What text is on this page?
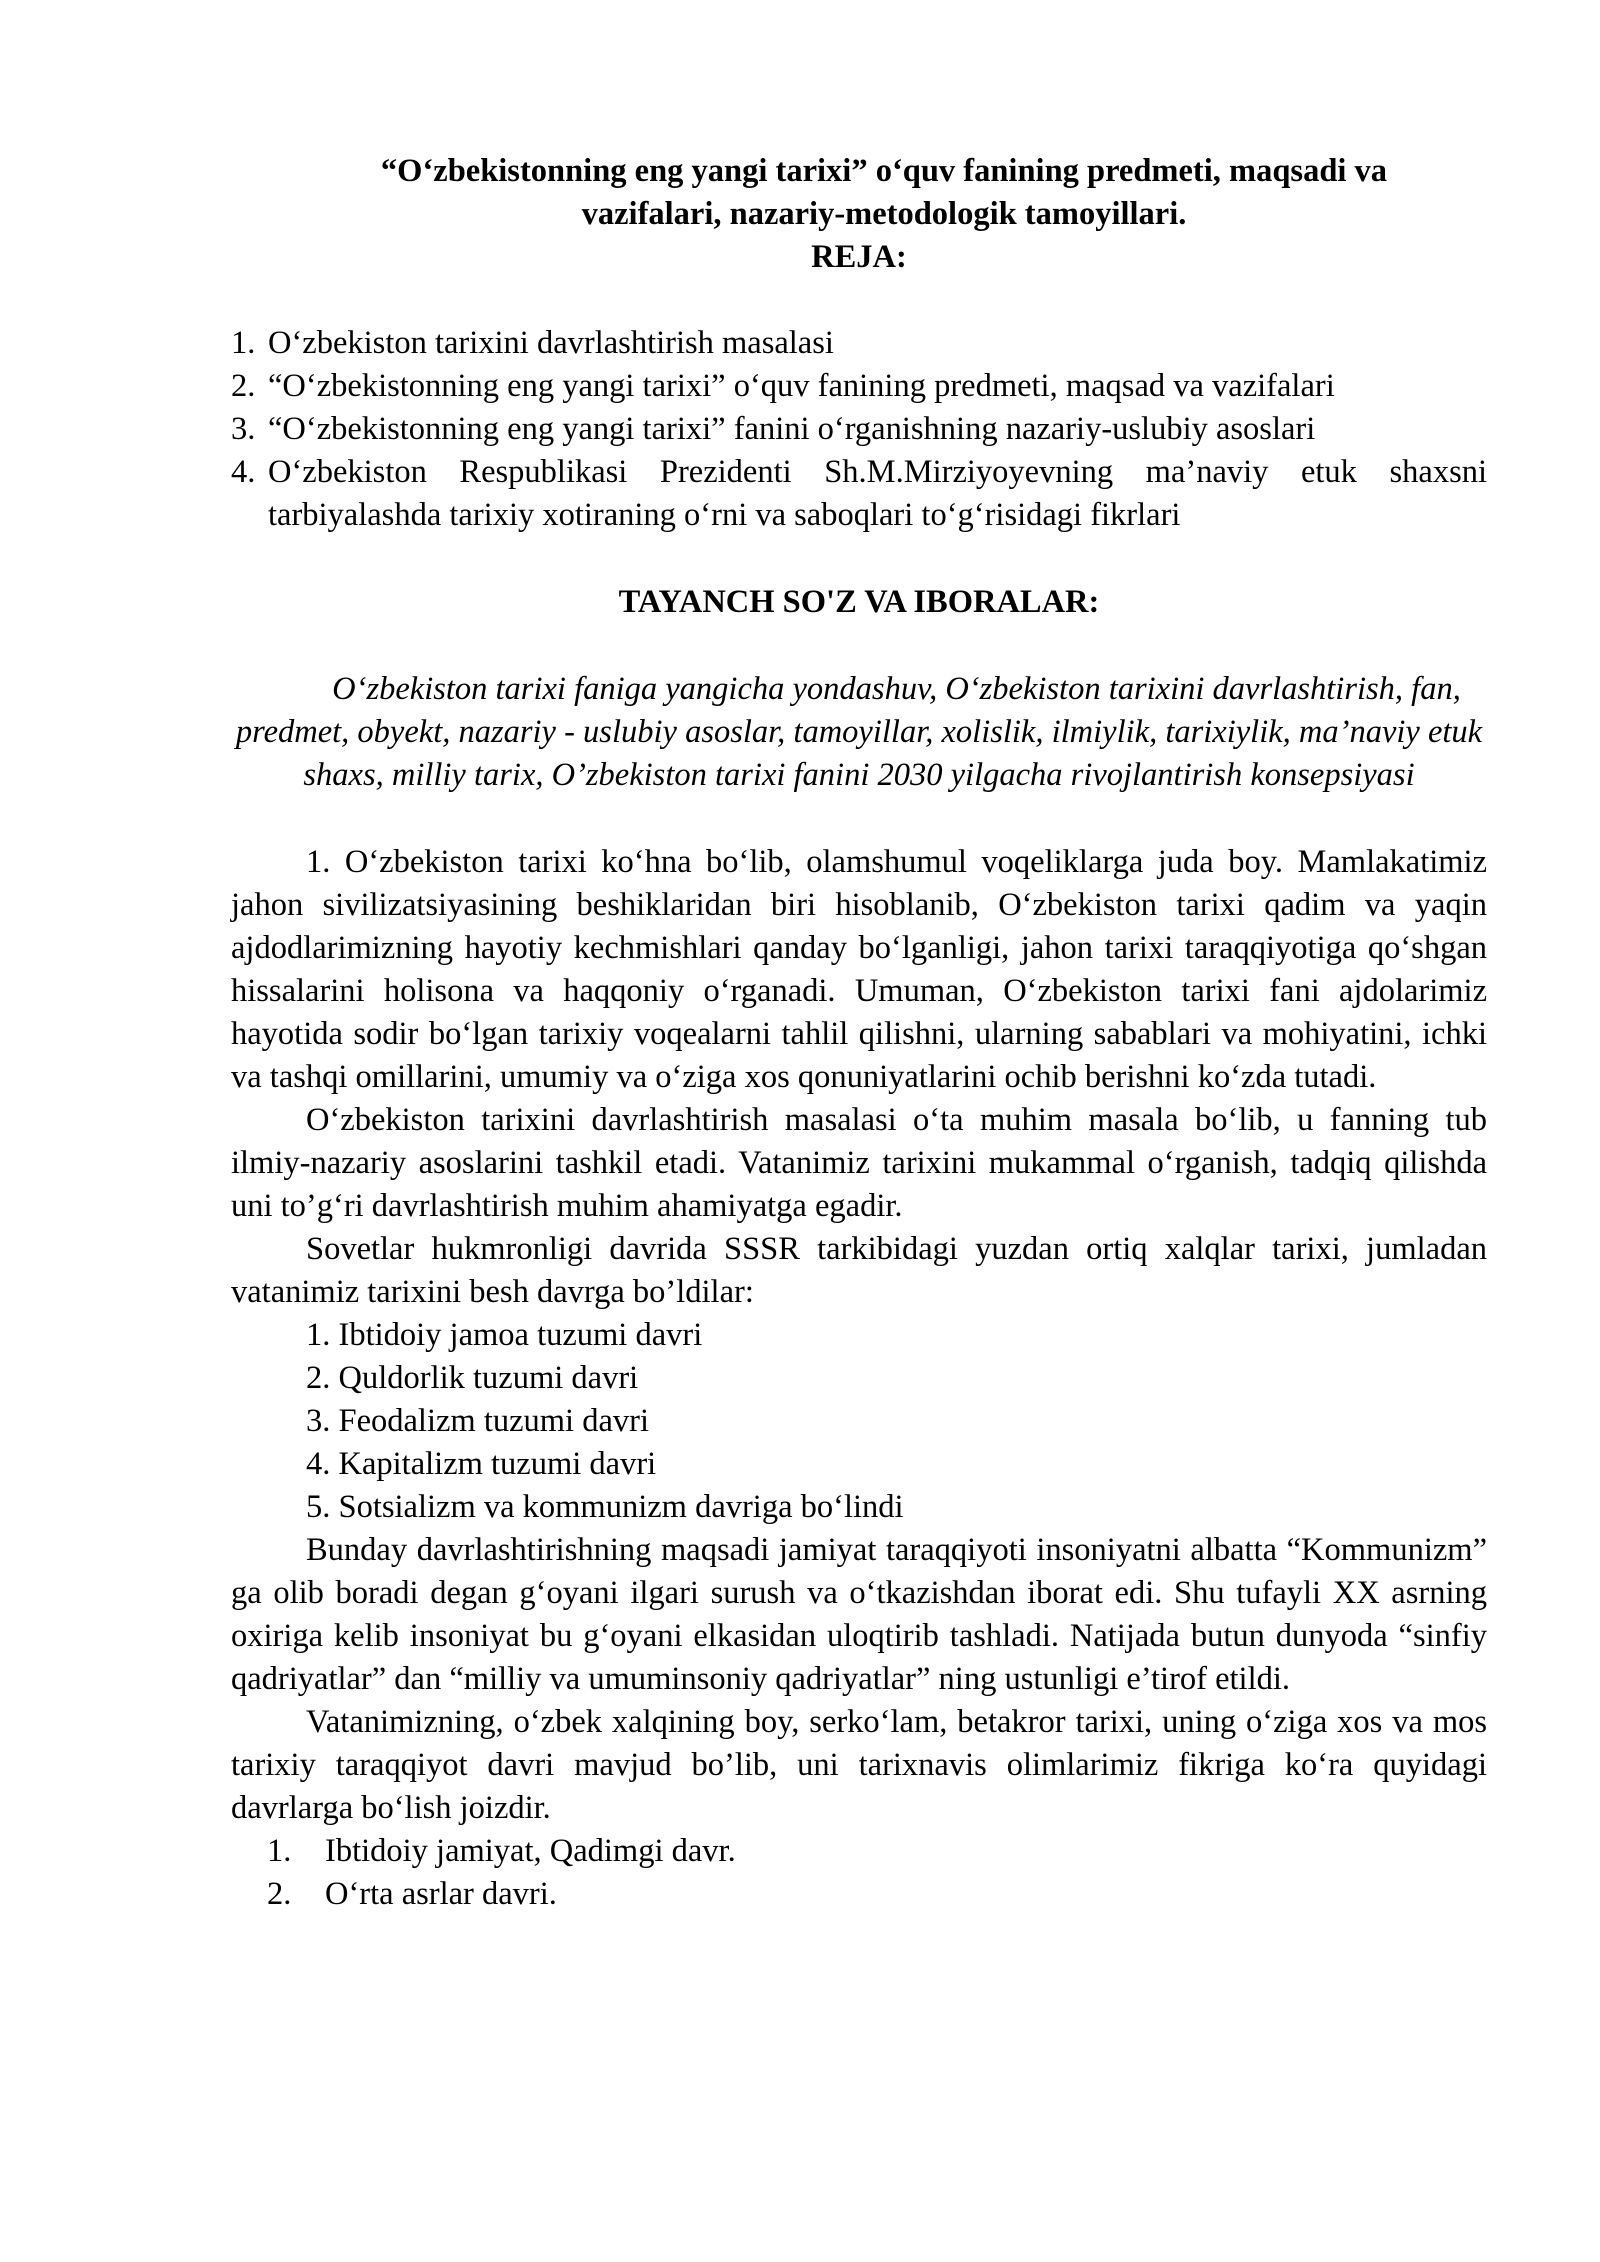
“O‘zbekistonning eng yangi tarixi” o‘quv fanining predmeti, maqsadi va
vazifalari, nazariy-metodologik tamoyillari.

REJA:

1. O‘zbekiston tarixini davrlashtirish masalasi
2. “O‘zbekistonning eng yangi tarixi” o‘quv fanining predmeti, maqsad va vazifalari
3. “O‘zbekistonning eng yangi tarixi” fanini o‘rganishning nazariy-uslubiy asoslari
4. O‘zbekiston Respublikasi Prezidenti Sh.M.Mirziyoyevning ma’naviy etuk shaxsni tarbiyalashda tarixiy xotiraning o‘rni va saboqlari to‘g‘risidagi fikrlari

TAYANCH SO'Z VA IBORALAR:

O‘zbekiston tarixi faniga yangicha yondashuv, O‘zbekiston tarixini davrlashtirish, fan, predmet, obyekt, nazariy - uslubiy asoslar, tamoyillar, xolislik, ilmiylik, tarixiylik, ma’naviy etuk shaxs, milliy tarix, O’zbekiston tarixi fanini 2030 yilgacha rivojlantirish konsepsiyasi

1. O‘zbekiston tarixi ko‘hna bo‘lib, olamshumul voqeliklarga juda boy. Mamlakatimiz jahon sivilizatsiyasining beshiklaridan biri hisoblanib, O‘zbekiston tarixi qadim va yaqin ajdodlarimizning hayotiy kechmishlari qanday bo‘lganligi, jahon tarixi taraqqiyotiga qo‘shgan hissalarini holisona va haqqoniy o‘rganadi. Umuman, O‘zbekiston tarixi fani ajdolarimiz hayotida sodir bo‘lgan tarixiy voqealarni tahlil qilishni, ularning sabablari va mohiyatini, ichki va tashqi omillarini, umumiy va o‘ziga xos qonuniyatlarini ochib berishni ko‘zda tutadi.

O‘zbekiston tarixini davrlashtirish masalasi o‘ta muhim masala bo‘lib, u fanning tub ilmiy-nazariy asoslarini tashkil etadi. Vatanimiz tarixini mukammal o‘rganish, tadqiq qilishda uni to’g‘ri davrlashtirish muhim ahamiyatga egadir.

Sovetlar hukmronligi davrida SSSR tarkibidagi yuzdan ortiq xalqlar tarixi, jumladan vatanimiz tarixini besh davrga bo’ldilar:

1. Ibtidoiy jamoa tuzumi davri
2. Quldorlik tuzumi davri
3. Feodalizm tuzumi davri
4. Kapitalizm tuzumi davri
5. Sotsializm va kommunizm davriga bo‘lindi

Bunday davrlashtirishning maqsadi jamiyat taraqqiyoti insoniyatni albatta “Kommunizm” ga olib boradi degan g‘oyani ilgari surush va o‘tkazishdan iborat edi. Shu tufayli XX asrning oxiriga kelib insoniyat bu g‘oyani elkasidan uloqtirib tashladi. Natijada butun dunyoda “sinfiy qadriyatlar” dan “milliy va umuminsoniy qadriyatlar” ning ustunligi e’tirof etildi.

Vatanimizning, o‘zbek xalqining boy, serko‘lam, betakror tarixi, uning o‘ziga xos va mos tarixiy taraqqiyot davri mavjud bo’lib, uni tarixnavis olimlarimiz fikriga ko‘ra quyidagi davrlarga bo‘lish joizdir.

1. Ibtidoiy jamiyat, Qadimgi davr.
2. O‘rta asrlar davri.
